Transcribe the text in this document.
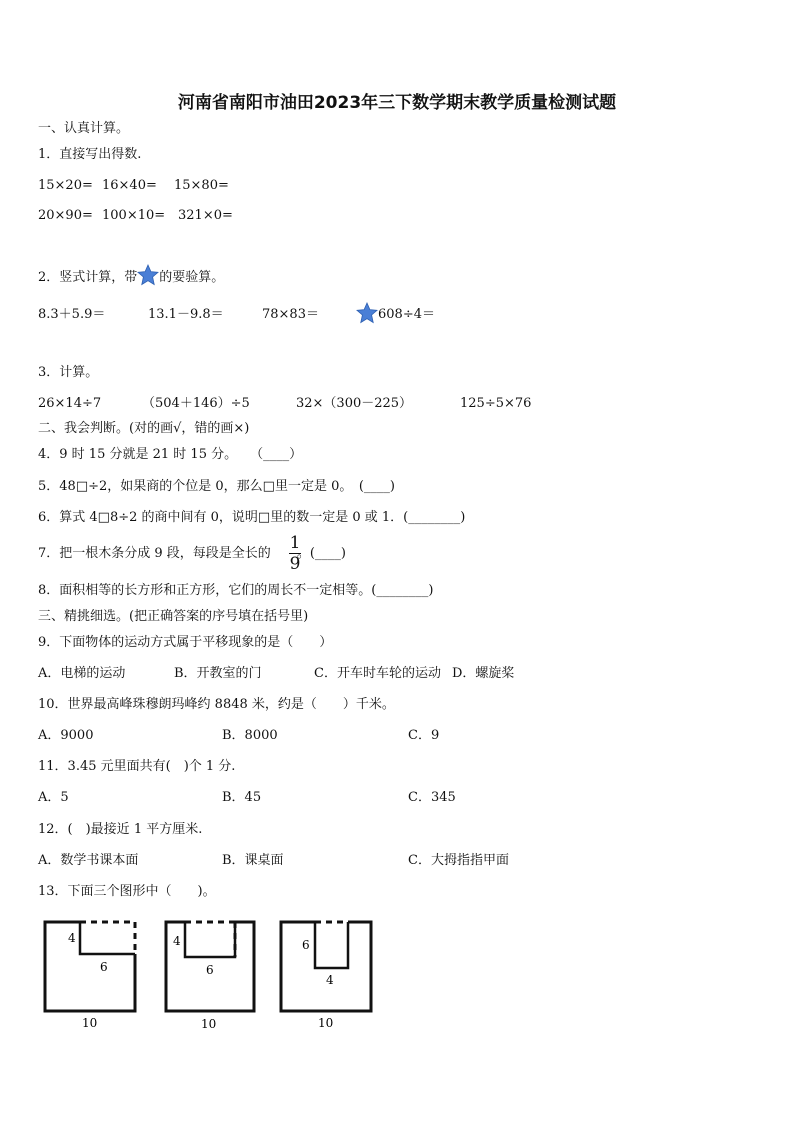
河南省南阳市油田2023年三下数学期末教学质量检测试题
一、认真计算。
1．直接写出得数.
15×20= 16×40= 15×80=
20×90= 100×10= 321×0=
2．竖式计算，带 的要验算。
8.3＋5.9＝	13.1－9.8＝	78×83＝	608÷4＝
3．计算。
26×14÷7	（504＋146）÷5	32×（300－225）	125÷5×76
二、我会判断。(对的画√，错的画×)
4．9 时 15 分就是 21 时 15 分。　　（____）
5．48□÷2，如果商的个位是 0，那么□里一定是 0。　(____)
6．算式 4□8÷2 的商中间有 0，说明□里的数一定是 0 或 1．(________)
7．把一根木条分成 9 段，每段是全长的 。(____)
1
9
8．面积相等的长方形和正方形，它们的周长不一定相等。(________)
三、精挑细选。(把正确答案的序号填在括号里)
9．下面物体的运动方式属于平移现象的是（　　）
A．电梯的运动	B．开教室的门	C．开车时车轮的运动 D．螺旋桨
10．世界最高峰珠穆朗玛峰约 8848 米，约是（　　）千米。
A．9000	B．8000	C．9
11．3.45 元里面共有(　)个 1 分.
A．5	B．45	C．345
12．(　)最接近 1 平方厘米.
A．数学书课本面	B．课桌面	C．大拇指指甲面
13．下面三个图形中（　　)。
4
6
10
4
6
10
6
4
10
